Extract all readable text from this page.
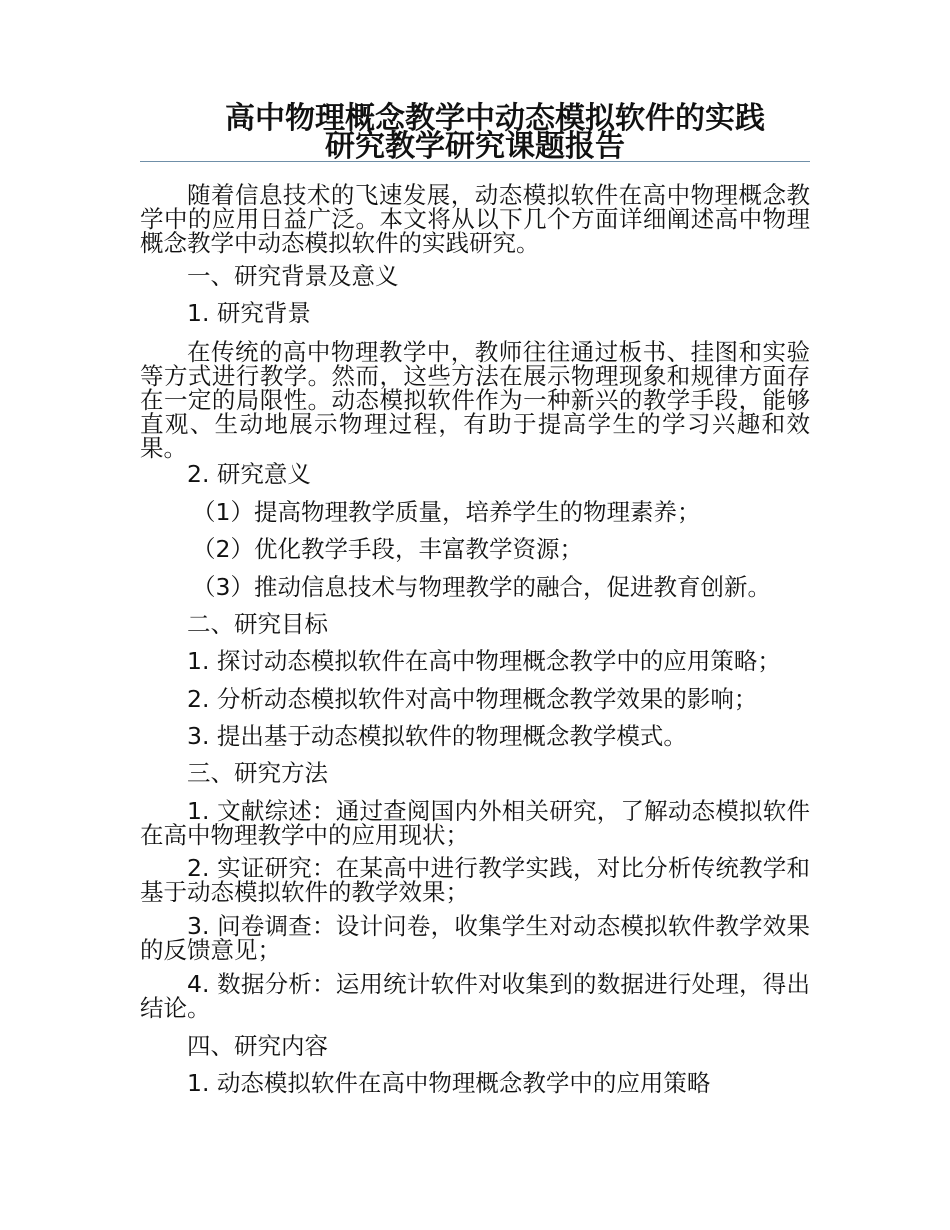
高中物理概念教学中动态模拟软件的实践
研究教学研究课题报告
随着信息技术的飞速发展，动态模拟软件在高中物理概念教学中的应用日益广泛。本文将从以下几个方面详细阐述高中物理概念教学中动态模拟软件的实践研究。
一、研究背景及意义
1. 研究背景
在传统的高中物理教学中，教师往往通过板书、挂图和实验等方式进行教学。然而，这些方法在展示物理现象和规律方面存在一定的局限性。动态模拟软件作为一种新兴的教学手段，能够直观、生动地展示物理过程，有助于提高学生的学习兴趣和效果。
2. 研究意义
（1）提高物理教学质量，培养学生的物理素养；
（2）优化教学手段，丰富教学资源；
（3）推动信息技术与物理教学的融合，促进教育创新。
二、研究目标
1. 探讨动态模拟软件在高中物理概念教学中的应用策略；
2. 分析动态模拟软件对高中物理概念教学效果的影响；
3. 提出基于动态模拟软件的物理概念教学模式。
三、研究方法
1. 文献综述：通过查阅国内外相关研究，了解动态模拟软件在高中物理教学中的应用现状；
2. 实证研究：在某高中进行教学实践，对比分析传统教学和基于动态模拟软件的教学效果；
3. 问卷调查：设计问卷，收集学生对动态模拟软件教学效果的反馈意见；
4. 数据分析：运用统计软件对收集到的数据进行处理，得出结论。
四、研究内容
1. 动态模拟软件在高中物理概念教学中的应用策略
